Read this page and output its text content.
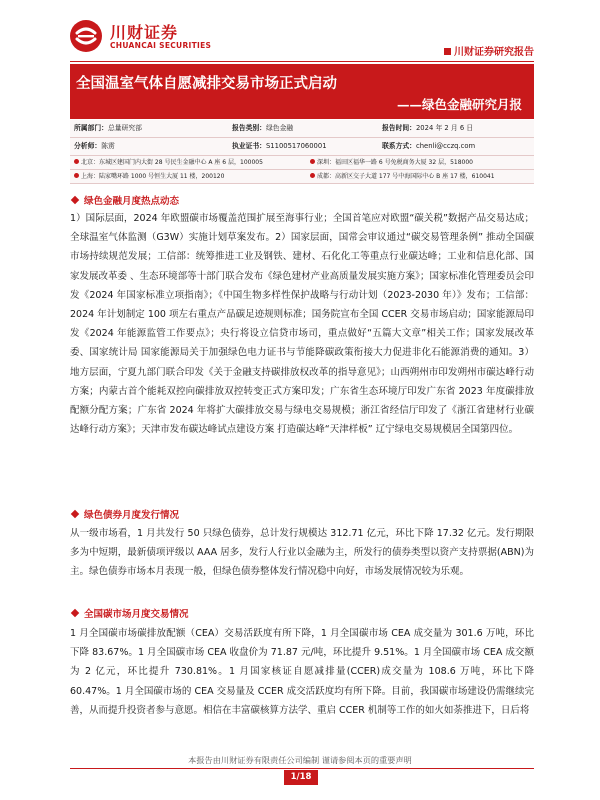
川财证券
CHUANCAI SECURITIES
川财证券研究报告
全国温室气体自愿减排交易市场正式启动
——绿色金融研究月报
所属部门：总量研究部	报告类别：绿色金融	报告时间：2024 年 2 月 6 日
分析师：陈雳	执业证书：S1100517060001	联系方式：chenli@cczq.com
北京：东城区建国门内大街 28 号民生金融中心 A 座 6 层，100005	深圳：福田区福华一路 6 号免税商务大厦 32 层，518000
上海：陆家嘴环路 1000 号恒生大厦 11 楼，200120	成都：高新区交子大道 177 号中海国际中心 B 座 17 楼，610041
绿色金融月度热点动态

1）国际层面，2024 年欧盟碳市场覆盖范围扩展至海事行业；全国首笔应对欧盟“碳关税”数据产品交易达成；全球温室气体监测（G3W）实施计划草案发布。2）国家层面，国常会审议通过“碳交易管理条例” 推动全国碳市场持续规范发展；工信部：统筹推进工业及钢铁、建材、石化化工等重点行业碳达峰；工业和信息化部、国家发展改革委 、生态环境部等十部门联合发布《绿色建材产业高质量发展实施方案》；国家标准化管理委员会印发《2024 年国家标准立项指南》；《中国生物多样性保护战略与行动计划（2023-2030 年）》发布；工信部：2024 年计划制定 100 项左右重点产品碳足迹规则标准；国务院宣布全国 CCER 交易市场启动；国家能源局印发《2024 年能源监管工作要点》；央行将设立信贷市场司，重点做好“五篇大文章”相关工作；国家发展改革委、国家统计局 国家能源局关于加强绿色电力证书与节能降碳政策衔接大力促进非化石能源消费的通知。3）地方层面，宁夏九部门联合印发《关于金融支持碳排放权改革的指导意见》；山西朔州市印发朔州市碳达峰行动方案；内蒙古首个能耗双控向碳排放双控转变正式方案印发；广东省生态环境厅印发广东省 2023 年度碳排放配额分配方案；广东省 2024 年将扩大碳排放交易与绿电交易规模；浙江省经信厅印发了《浙江省建材行业碳达峰行动方案》；天津市发布碳达峰试点建设方案 打造碳达峰“天津样板” 辽宁绿电交易规模居全国第四位。

绿色债券月度发行情况

从一级市场看，1 月共发行 50 只绿色债券，总计发行规模达 312.71 亿元，环比下降 17.32 亿元。发行期限多为中短期，最新债项评级以 AAA 居多，发行人行业以金融为主，所发行的债券类型以资产支持票据(ABN)为主。绿色债券市场本月表现一般，但绿色债券整体发行情况稳中向好，市场发展情况较为乐观。

全国碳市场月度交易情况

1 月全国碳市场碳排放配额（CEA）交易活跃度有所下降，1 月全国碳市场 CEA 成交量为 301.6 万吨，环比下降 83.67%。1 月全国碳市场 CEA 收盘价为 71.87 元/吨，环比提升 9.51%。1 月全国碳市场 CEA 成交额为 2 亿元，环比提升 730.81%。1 月国家核证自愿减排量(CCER)成交量为 108.6 万吨，环比下降 60.47%。1 月全国碳市场的 CEA 交易量及 CCER 成交活跃度均有所下降。目前，我国碳市场建设仍需继续完善，从而提升投资者参与意愿。相信在丰富碳核算方法学、重启 CCER 机制等工作的如火如荼推进下，日后将

本报告由川财证券有限责任公司编制 谨请参阅本页的重要声明
1/18
